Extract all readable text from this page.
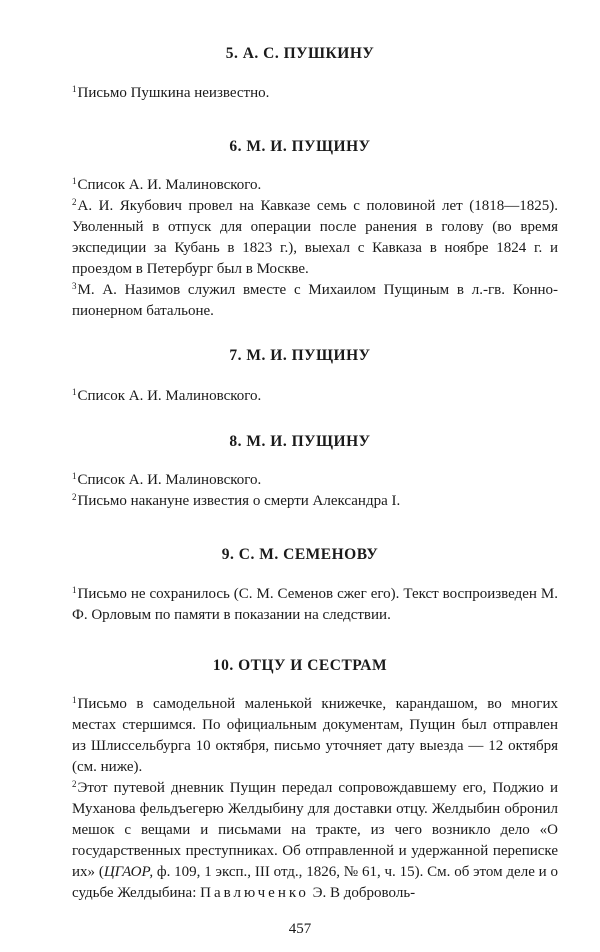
5. А. С. ПУШКИНУ
$^1$Письмо Пушкина неизвестно.
6. М. И. ПУЩИНУ
$^1$Список А. И. Малиновского.
$^2$А. И. Якубович провел на Кавказе семь с половиной лет (1818—1825). Уволенный в отпуск для операции после ранения в голову (во время экспедиции за Кубань в 1823 г.), выехал с Кавказа в ноябре 1824 г. и проездом в Петербург был в Москве.
$^3$М. А. Назимов служил вместе с Михаилом Пущиным в л.-гв. Конно-пионерном батальоне.
7. М. И. ПУЩИНУ
$^1$Список А. И. Малиновского.
8. М. И. ПУЩИНУ
$^1$Список А. И. Малиновского.
$^2$Письмо накануне известия о смерти Александра I.
9. С. М. СЕМЕНОВУ
$^1$Письмо не сохранилось (С. М. Семенов сжег его). Текст воспроизведен М. Ф. Орловым по памяти в показании на следствии.
10. ОТЦУ И СЕСТРАМ
$^1$Письмо в самодельной маленькой книжечке, карандашом, во многих местах стершимся. По официальным документам, Пущин был отправлен из Шлиссельбурга 10 октября, письмо уточняет дату выезда — 12 октября (см. ниже).
$^2$Этот путевой дневник Пущин передал сопровождавшему его, Поджио и Муханова фельдъегерю Желдыбину для доставки отцу. Желдыбин обронил мешок с вещами и письмами на тракте, из чего возникло дело «О государственных преступниках. Об отправленной и удержанной переписке их» (ЦГАОР, ф. 109, 1 эксп., III отд., 1826, № 61, ч. 15). См. об этом деле и о судьбе Желдыбина: Павлюченко Э. В доброволь-
457
